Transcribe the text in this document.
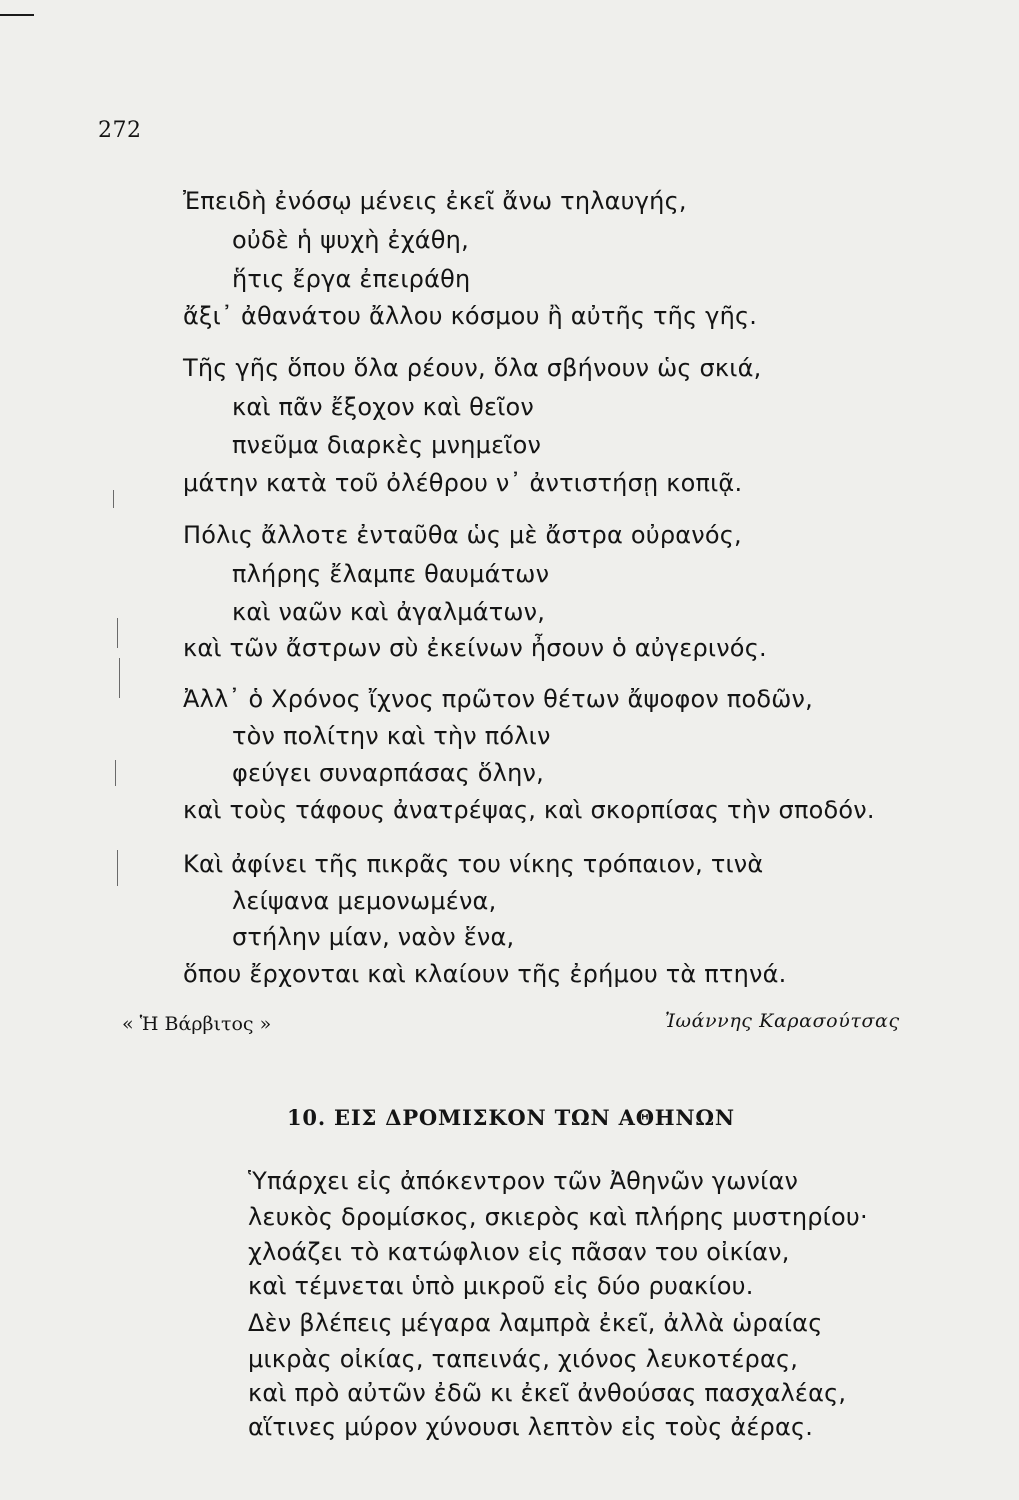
272
Ἐπειδὴ ἐνόσῳ μένεις ἐκεῖ ἄνω τηλαυγής,
οὐδὲ ἡ ψυχὴ ἐχάθη,
ἥτις ἔργα ἐπειράθη
ἄξι᾽ ἀθανάτου ἄλλου κόσμου ἢ αὐτῆς τῆς γῆς.
Τῆς γῆς ὅπου ὅλα ρέουν, ὅλα σβήνουν ὡς σκιά,
καὶ πᾶν ἔξοχον καὶ θεῖον
πνεῦμα διαρκὲς μνημεῖον
μάτην κατὰ τοῦ ὀλέθρου ν᾽ ἀντιστήσῃ κοπιᾷ.
Πόλις ἄλλοτε ἐνταῦθα ὡς μὲ ἄστρα οὐρανός,
πλήρης ἔλαμπε θαυμάτων
καὶ ναῶν καὶ ἀγαλμάτων,
καὶ τῶν ἄστρων σὺ ἐκείνων ἦσουν ὁ αὐγερινός.
Ἀλλ᾽ ὁ Χρόνος ἴχνος πρῶτον θέτων ἄψοφον ποδῶν,
τὸν πολίτην καὶ τὴν πόλιν
φεύγει συναρπάσας ὅλην,
καὶ τοὺς τάφους ἀνατρέψας, καὶ σκορπίσας τὴν σποδόν.
Καὶ ἀφίνει τῆς πικρᾶς του νίκης τρόπαιον, τινὰ
λείψανα μεμονωμένα,
στήλην μίαν, ναὸν ἕνα,
ὅπου ἔρχονται καὶ κλαίουν τῆς ἐρήμου τὰ πτηνά.
« Ἡ Βάρβιτος »	Ἰωάννης Καρασούτσας
10. ΕΙΣ ΔΡΟΜΙΣΚΟΝ ΤΩΝ ΑΘΗΝΩΝ
Ὑπάρχει εἰς ἀπόκεντρον τῶν Ἀθηνῶν γωνίαν
λευκὸς δρομίσκος, σκιερὸς καὶ πλήρης μυστηρίου·
χλοάζει τὸ κατώφλιον εἰς πᾶσαν του οἰκίαν,
καὶ τέμνεται ὑπὸ μικροῦ εἰς δύο ρυακίου.
Δὲν βλέπεις μέγαρα λαμπρὰ ἐκεῖ, ἀλλὰ ὡραίας
μικρὰς οἰκίας, ταπεινάς, χιόνος λευκοτέρας,
καὶ πρὸ αὐτῶν ἐδῶ κι ἐκεῖ ἀνθούσας πασχαλέας,
αἵτινες μύρον χύνουσι λεπτὸν εἰς τοὺς ἀέρας.
